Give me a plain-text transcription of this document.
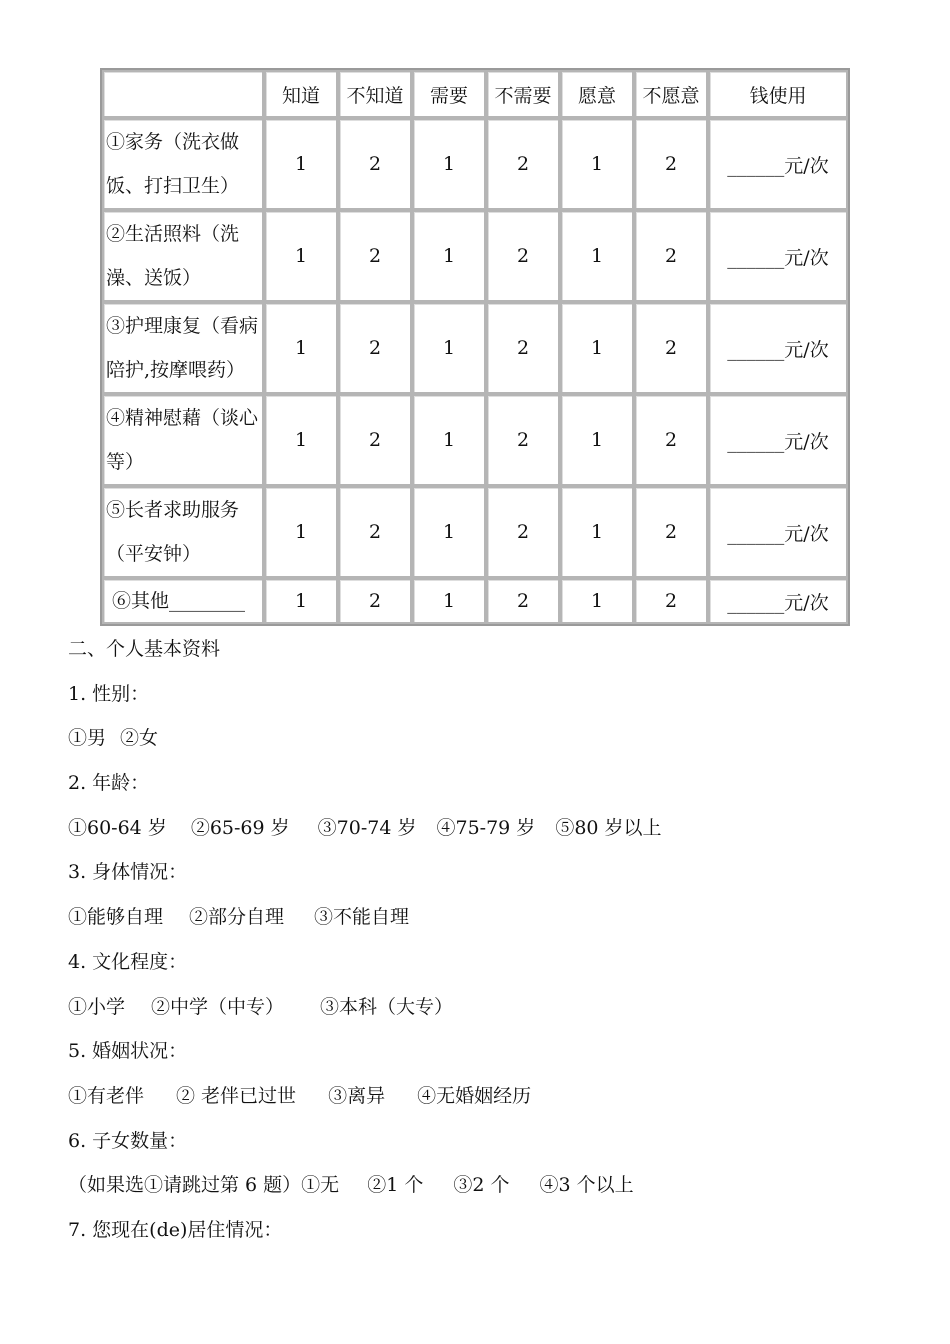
	知道	不知道	需要	不需要	愿意	不愿意	钱使用
①家务（洗衣做饭、打扫卫生）	1	2	1	2	1	2	______元/次
②生活照料（洗澡、送饭）	1	2	1	2	1	2	______元/次
③护理康复（看病陪护,按摩喂药）	1	2	1	2	1	2	______元/次
④精神慰藉（谈心等）	1	2	1	2	1	2	______元/次
⑤长者求助服务（平安钟）	1	2	1	2	1	2	______元/次
⑥其他________	1	2	1	2	1	2	______元/次
二、个人基本资料
1. 性别：
①男 ②女
2. 年龄：
①60-64 岁 ②65-69 岁 ③70-74 岁 ④75-79 岁 ⑤80 岁以上
3. 身体情况：
①能够自理 ②部分自理 ③不能自理
4. 文化程度：
①小学 ②中学（中专） ③本科（大专）
5. 婚姻状况：
①有老伴 ② 老伴已过世 ③离异 ④无婚姻经历
6. 子女数量：
（如果选①请跳过第 6 题）①无 ②1 个 ③2 个 ④3 个以上
7. 您现在(de)居住情况：
